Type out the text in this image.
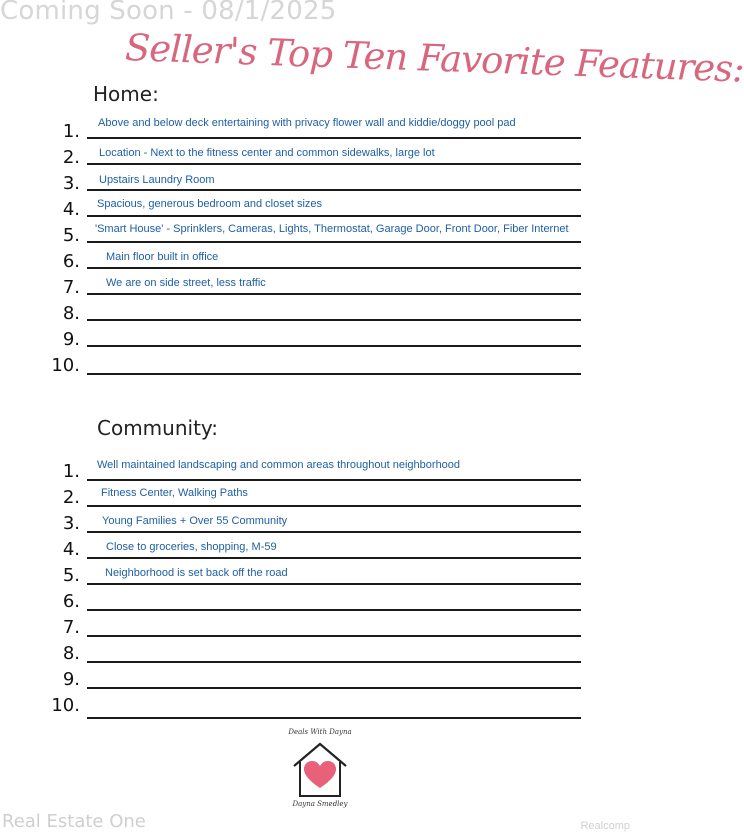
Coming Soon - 08/1/2025
Seller's Top Ten Favorite Features:
Home:
1. Above and below deck entertaining with privacy flower wall and kiddie/doggy pool pad
2. Location - Next to the fitness center and common sidewalks, large lot
3. Upstairs Laundry Room
4. Spacious, generous bedroom and closet sizes
5. 'Smart House' - Sprinklers, Cameras, Lights, Thermostat, Garage Door, Front Door, Fiber Internet
6. Main floor built in office
7. We are on side street, less traffic
8.
9.
10.
Community:
1. Well maintained landscaping and common areas throughout neighborhood
2. Fitness Center, Walking Paths
3. Young Families + Over 55 Community
4. Close to groceries, shopping, M-59
5. Neighborhood is set back off the road
6.
7.
8.
9.
10.
Deals With Dayna
Dayna Smedley
Real Estate One	Realcomp
